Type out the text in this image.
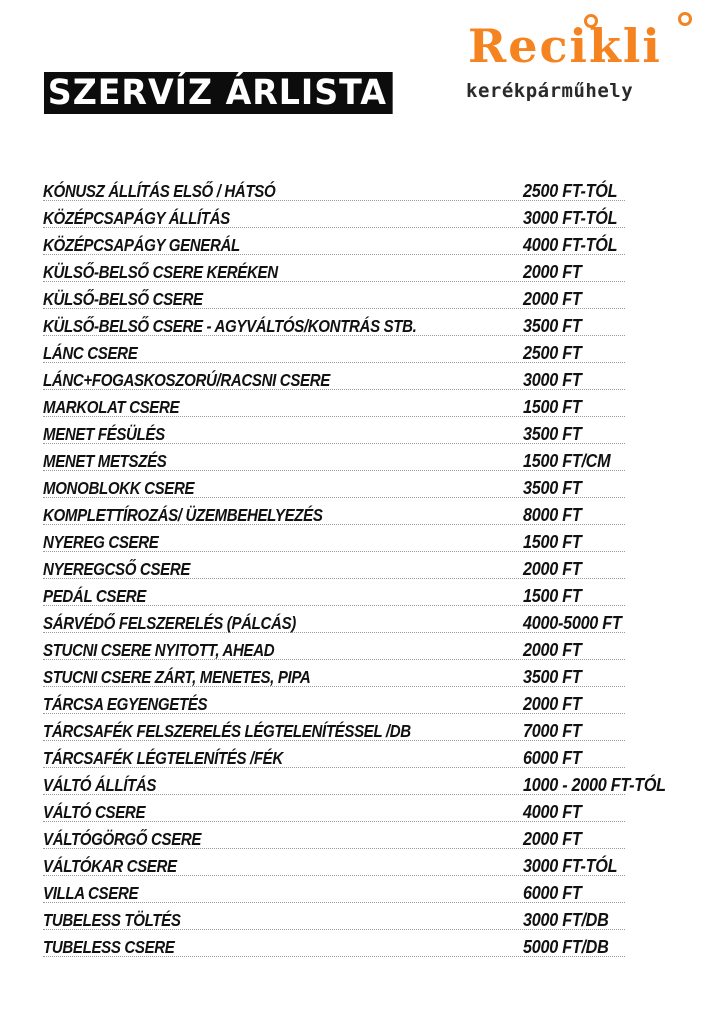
SZERVÍZ ÁRLISTA
Recikli
kerékpárműhely
KÓNUSZ ÁLLÍTÁS ELSŐ / HÁTSÓ	2500 FT-TÓL
KÖZÉPCSAPÁGY ÁLLÍTÁS	3000 FT-TÓL
KÖZÉPCSAPÁGY GENERÁL	4000 FT-TÓL
KÜLSŐ-BELSŐ CSERE KERÉKEN	2000 FT
KÜLSŐ-BELSŐ CSERE	2000 FT
KÜLSŐ-BELSŐ CSERE - AGYVÁLTÓS/KONTRÁS STB.	3500 FT
LÁNC CSERE	2500 FT
LÁNC+FOGASKOSZORÚ/RACSNI CSERE	3000 FT
MARKOLAT CSERE	1500 FT
MENET FÉSÜLÉS	3500 FT
MENET METSZÉS	1500 FT/CM
MONOBLOKK CSERE	3500 FT
KOMPLETTÍROZÁS/ ÜZEMBEHELYEZÉS	8000 FT
NYEREG CSERE	1500 FT
NYEREGCSŐ CSERE	2000 FT
PEDÁL CSERE	1500 FT
SÁRVÉDŐ FELSZERELÉS (PÁLCÁS)	4000-5000 FT
STUCNI CSERE NYITOTT, AHEAD	2000 FT
STUCNI CSERE ZÁRT, MENETES, PIPA	3500 FT
TÁRCSA EGYENGETÉS	2000 FT
TÁRCSAFÉK FELSZERELÉS LÉGTELENÍTÉSSEL /DB	7000 FT
TÁRCSAFÉK LÉGTELENÍTÉS /FÉK	6000 FT
VÁLTÓ ÁLLÍTÁS	1000 - 2000 FT-TÓL
VÁLTÓ CSERE	4000 FT
VÁLTÓGÖRGŐ CSERE	2000 FT
VÁLTÓKAR CSERE	3000 FT-TÓL
VILLA CSERE	6000 FT
TUBELESS TÖLTÉS	3000 FT/DB
TUBELESS CSERE	5000 FT/DB
